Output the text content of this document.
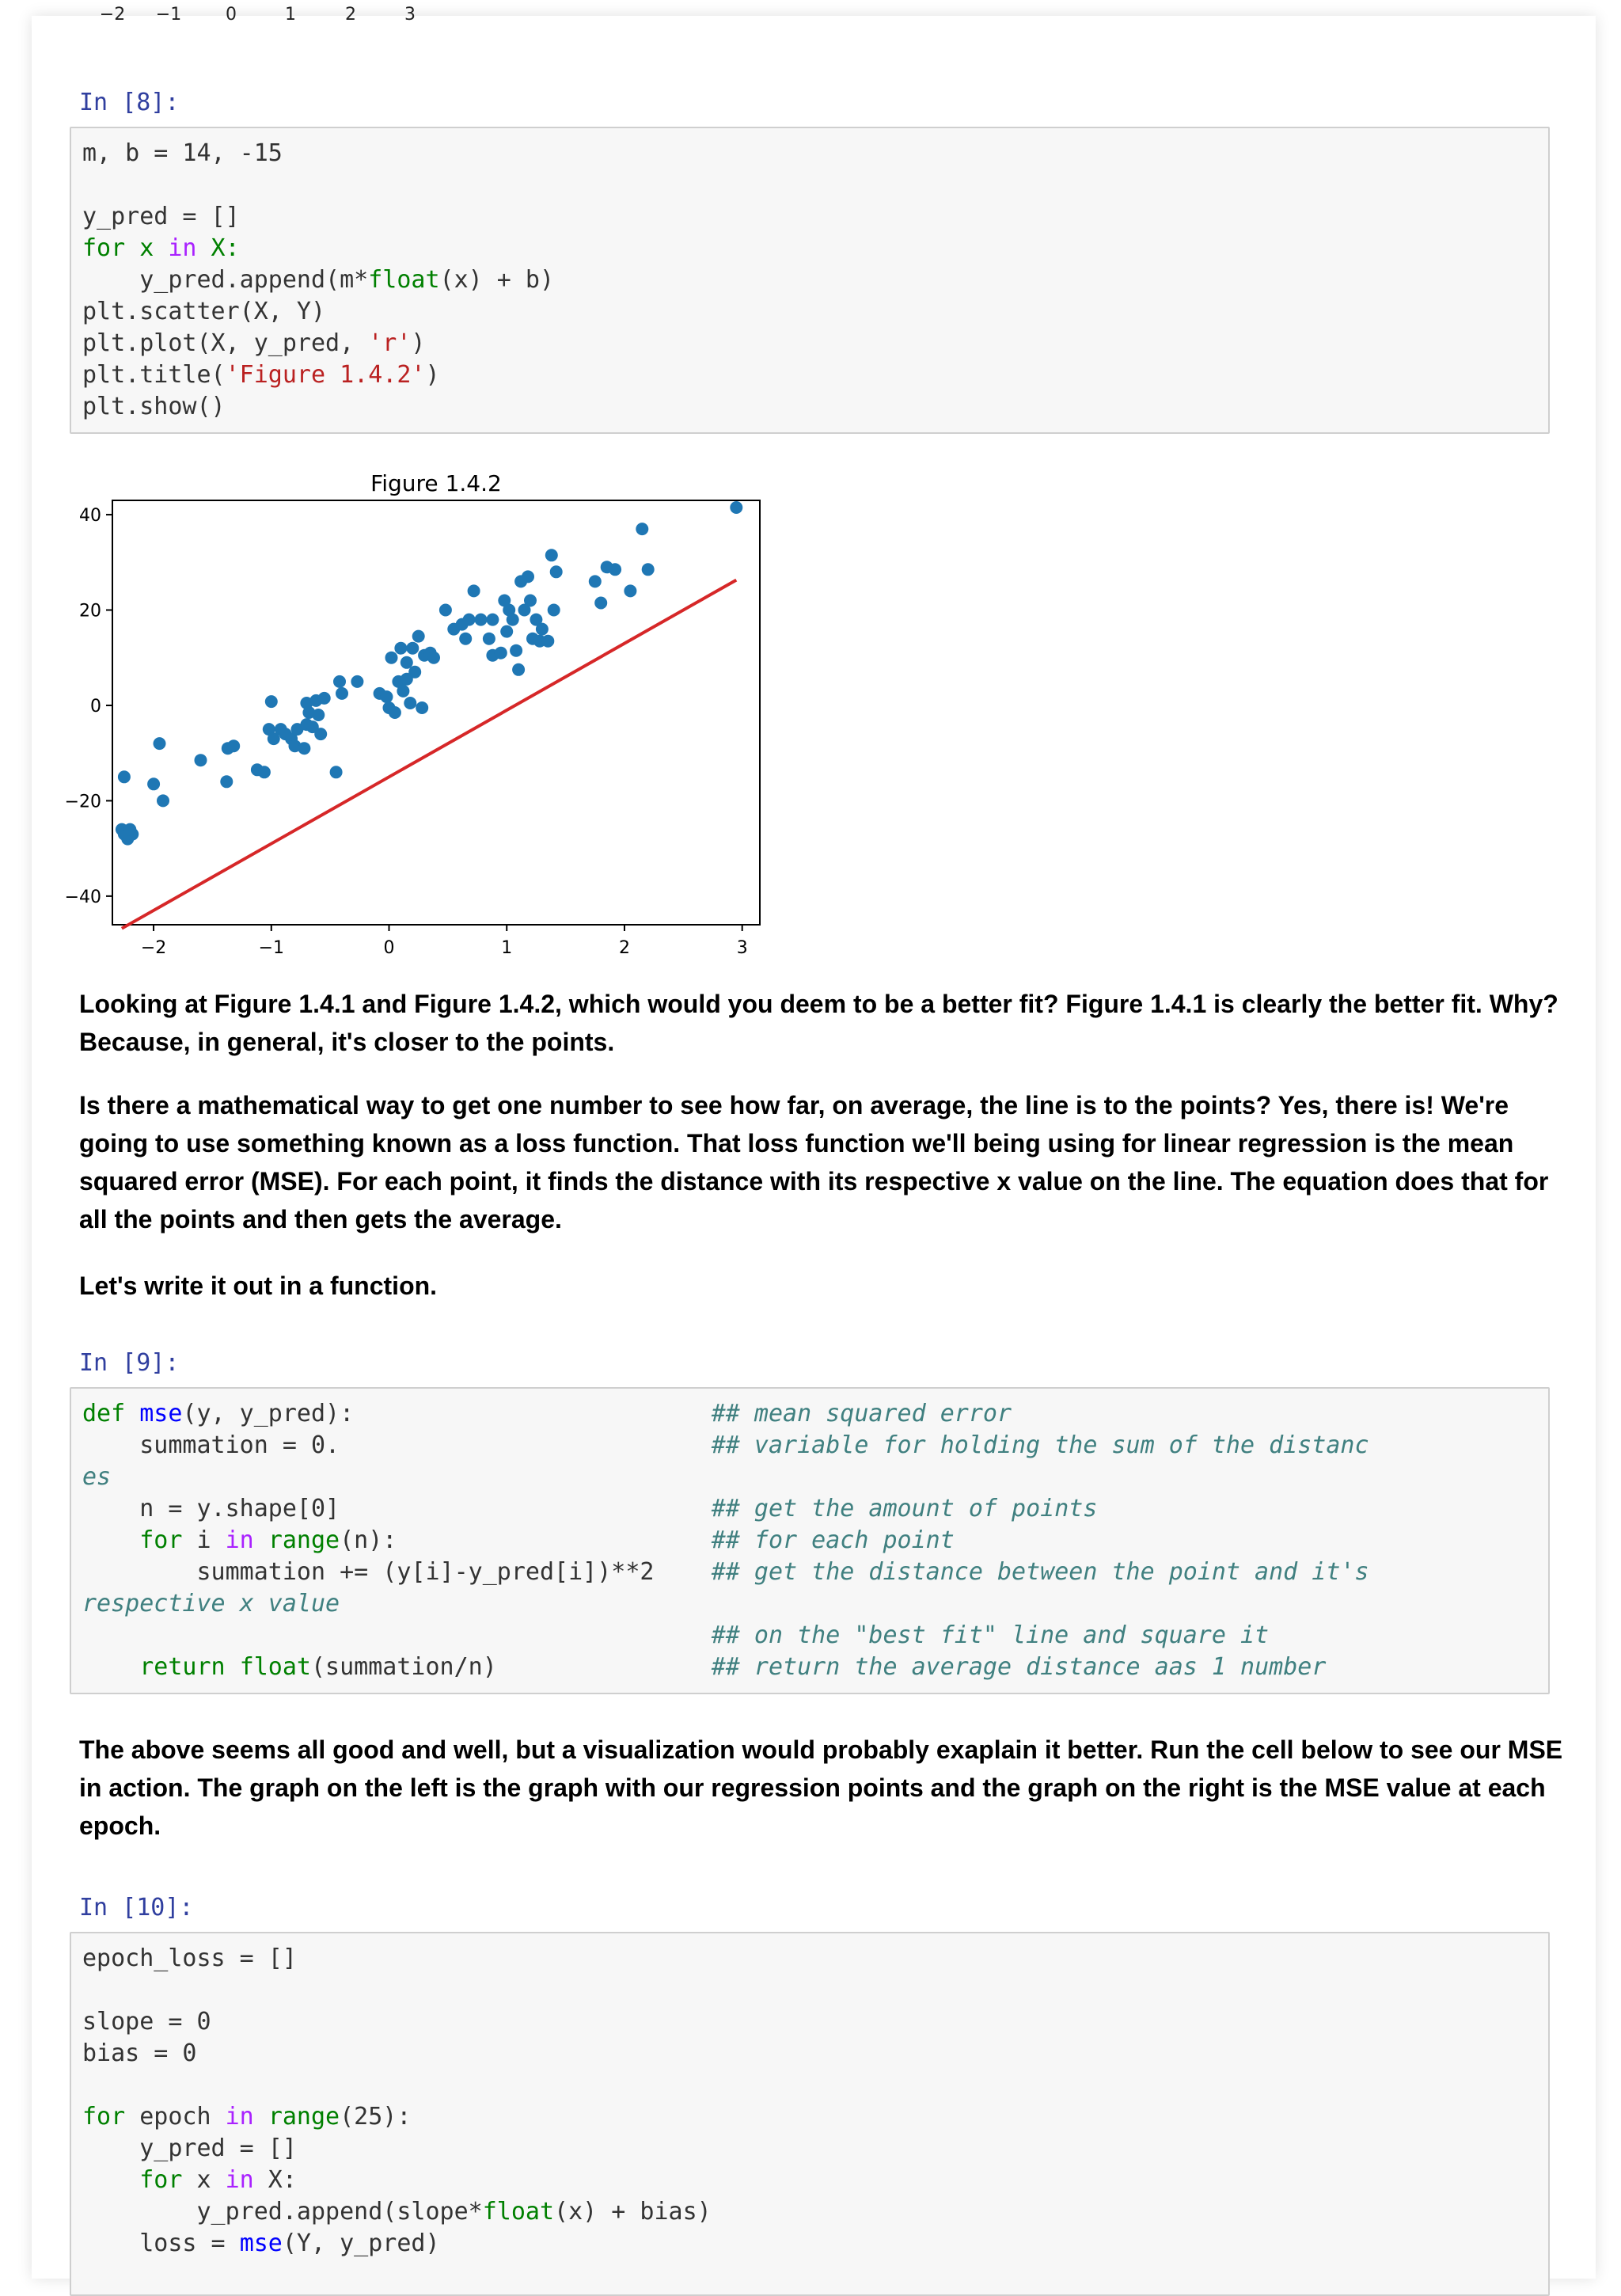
−2 −1	0	1	2	3
In [8]:
m, b = 14, -15

y_pred = []
for x in X:
y_pred.append(m*float(x) + b)
plt.scatter(X, Y)
plt.plot(X, y_pred, 'r')
plt.title('Figure 1.4.2')
plt.show()
Figure 1.4.2
−2	−1	0	1	2	3
40
20
0
−20
−40

Looking at Figure 1.4.1 and Figure 1.4.2, which would you deem to be a better fit? Figure 1.4.1 is clearly the better fit. Why? Because, in general, it's closer to the points.

Is there a mathematical way to get one number to see how far, on average, the line is to the points? Yes, there is! We're going to use something known as a loss function. That loss function we'll being using for linear regression is the mean squared error (MSE). For each point, it finds the distance with its respective x value on the line. The equation does that for all the points and then gets the average.

Let's write it out in a function.

In [9]:
def mse(y, y_pred):                         ## mean squared error
summation = 0.                          ## variable for holding the sum of the distanc
es
n = y.shape[0]                          ## get the amount of points
for i in range(n):                      ## for each point
summation += (y[i]-y_pred[i])**2    ## get the distance between the point and it's
respective x value
## on the "best fit" line and square it
return float(summation/n)               ## return the average distance aas 1 number

The above seems all good and well, but a visualization would probably exaplain it better. Run the cell below to see our MSE in action. The graph on the left is the graph with our regression points and the graph on the right is the MSE value at each epoch.

In [10]:
epoch_loss = []

slope = 0
bias = 0

for epoch in range(25):
y_pred = []
for x in X:
y_pred.append(slope*float(x) + bias)
loss = mse(Y, y_pred)
